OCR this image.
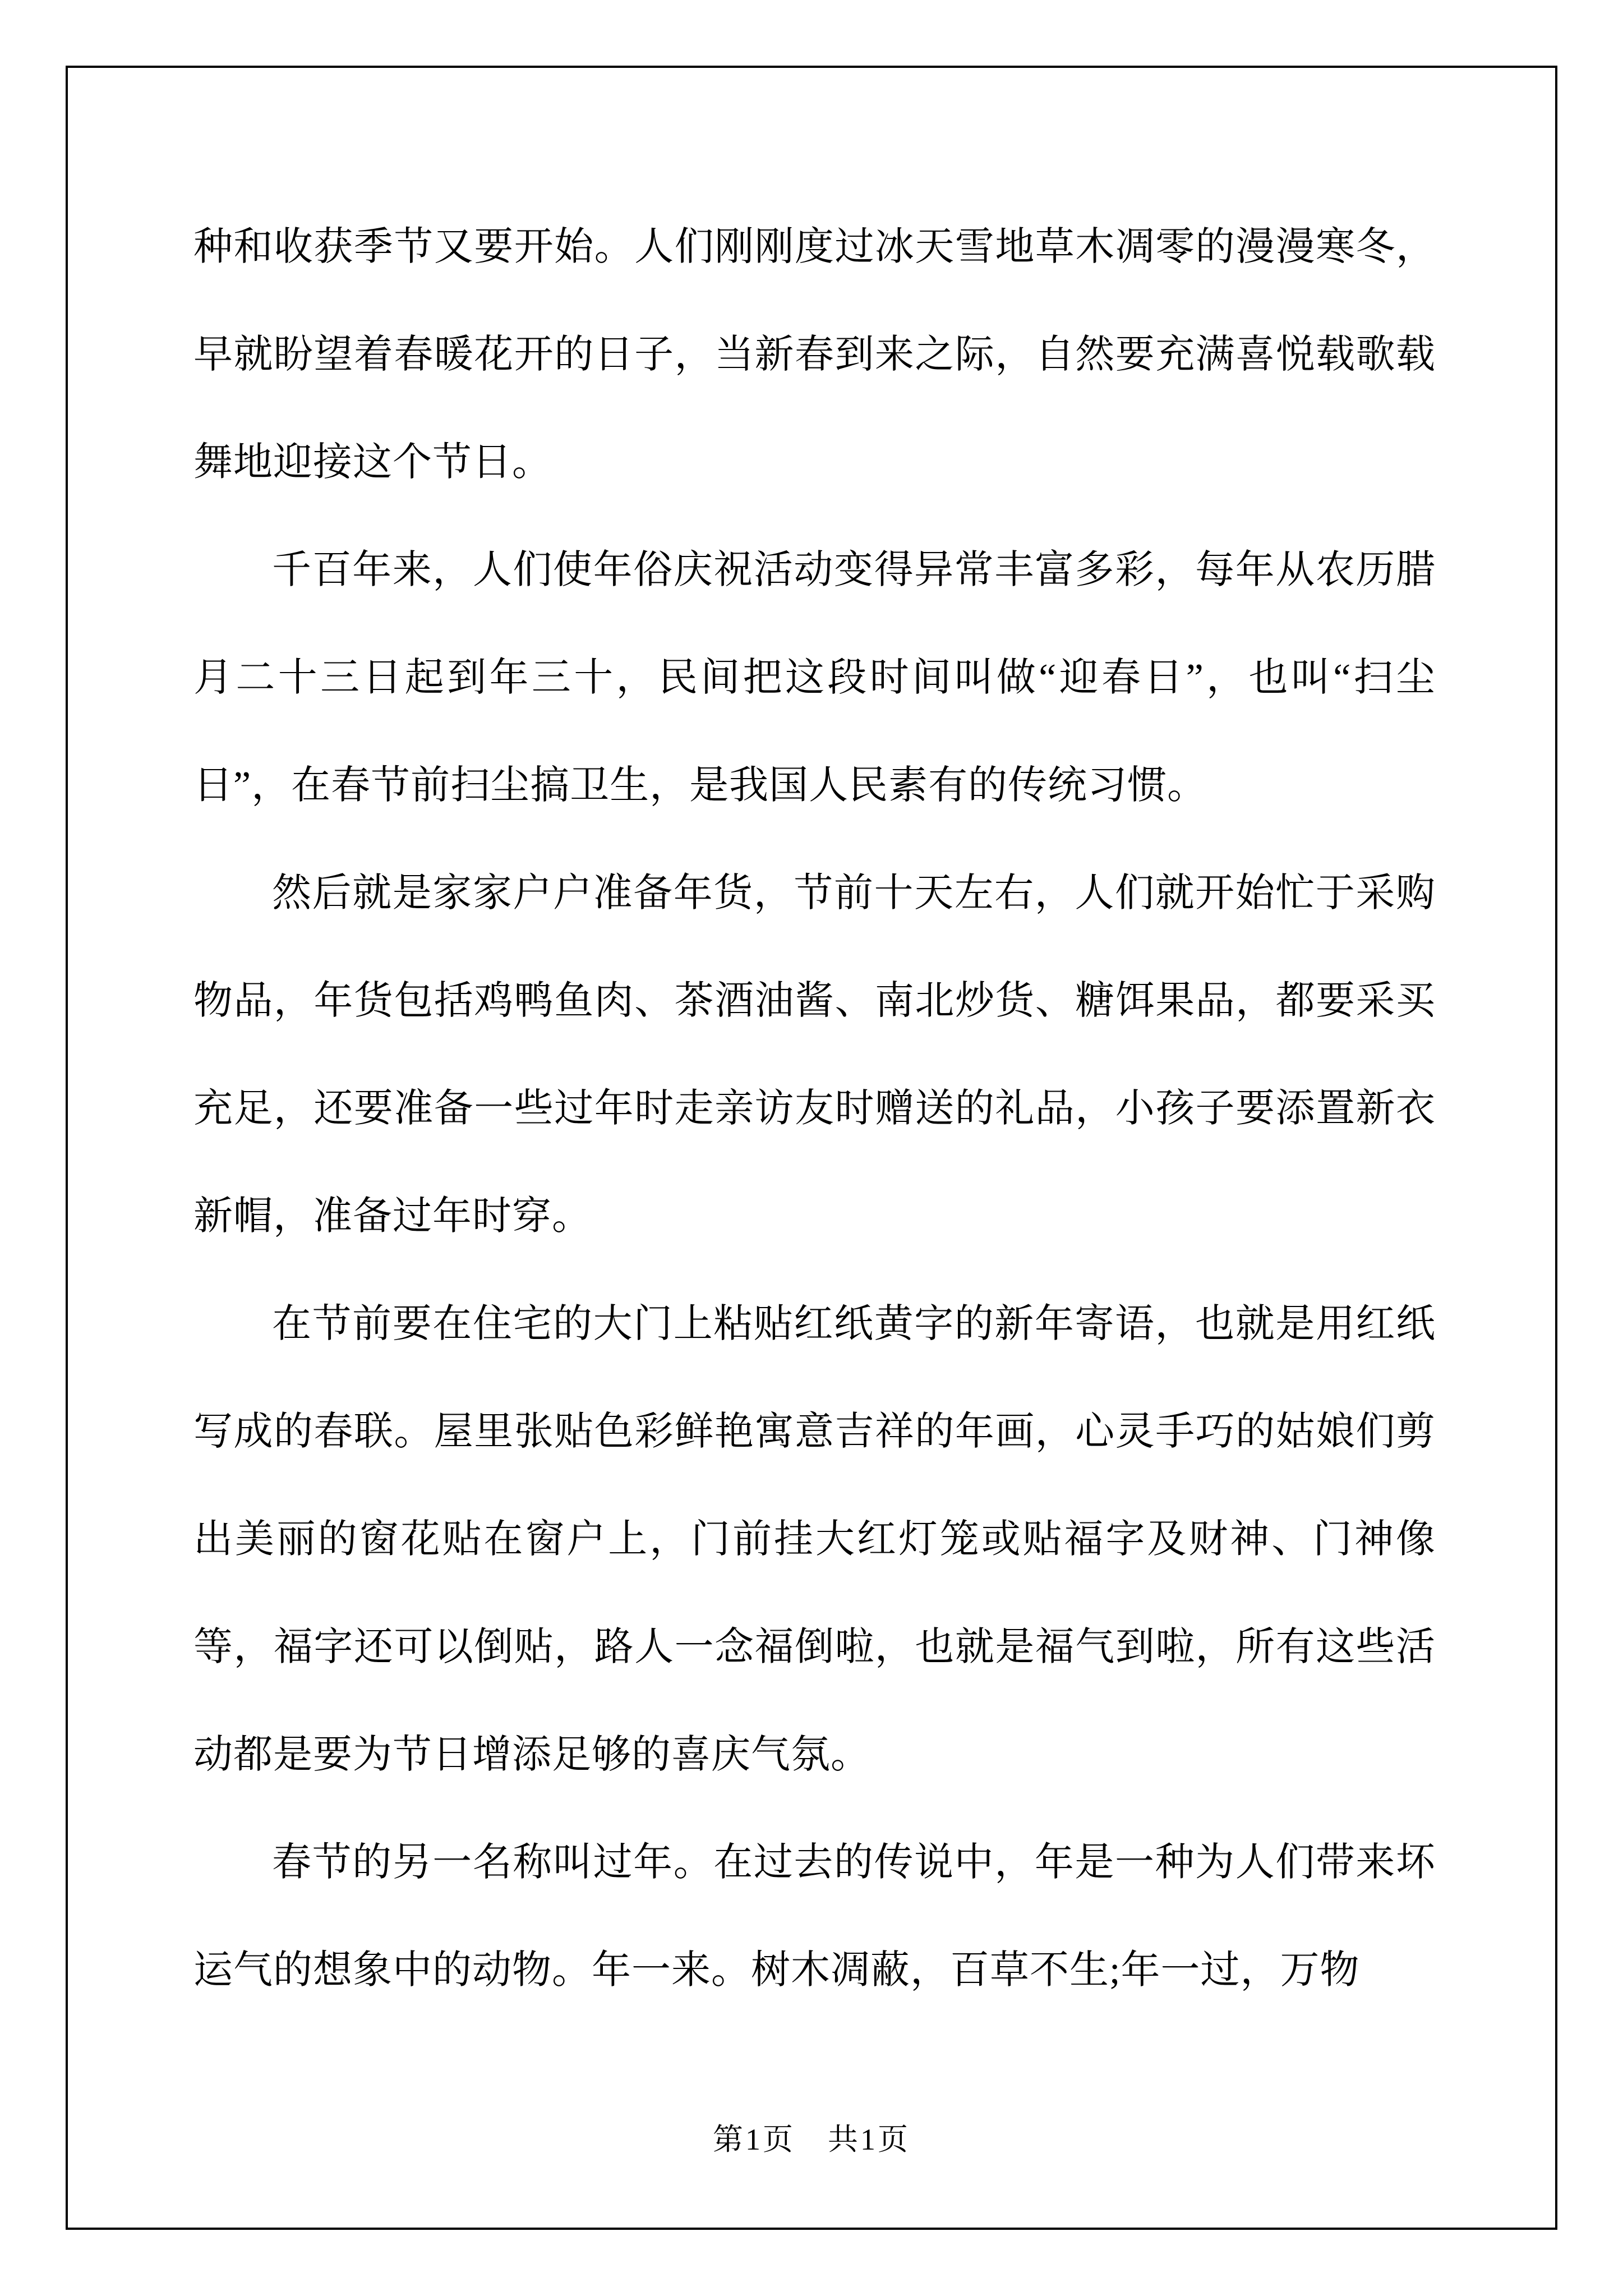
种和收获季节又要开始。人们刚刚度过冰天雪地草木凋零的漫漫寒冬，早就盼望着春暖花开的日子，当新春到来之际，自然要充满喜悦载歌载舞地迎接这个节日。

千百年来，人们使年俗庆祝活动变得异常丰富多彩，每年从农历腊月二十三日起到年三十，民间把这段时间叫做“迎春日”，也叫“扫尘日”，在春节前扫尘搞卫生，是我国人民素有的传统习惯。

然后就是家家户户准备年货，节前十天左右，人们就开始忙于采购物品，年货包括鸡鸭鱼肉、茶酒油酱、南北炒货、糖饵果品，都要采买充足，还要准备一些过年时走亲访友时赠送的礼品，小孩子要添置新衣新帽，准备过年时穿。

在节前要在住宅的大门上粘贴红纸黄字的新年寄语，也就是用红纸写成的春联。屋里张贴色彩鲜艳寓意吉祥的年画，心灵手巧的姑娘们剪出美丽的窗花贴在窗户上，门前挂大红灯笼或贴福字及财神、门神像等，福字还可以倒贴，路人一念福倒啦，也就是福气到啦，所有这些活动都是要为节日增添足够的喜庆气氛。

春节的另一名称叫过年。在过去的传说中，年是一种为人们带来坏运气的想象中的动物。年一来。树木凋蔽，百草不生;年一过，万物

第1页　共1页
